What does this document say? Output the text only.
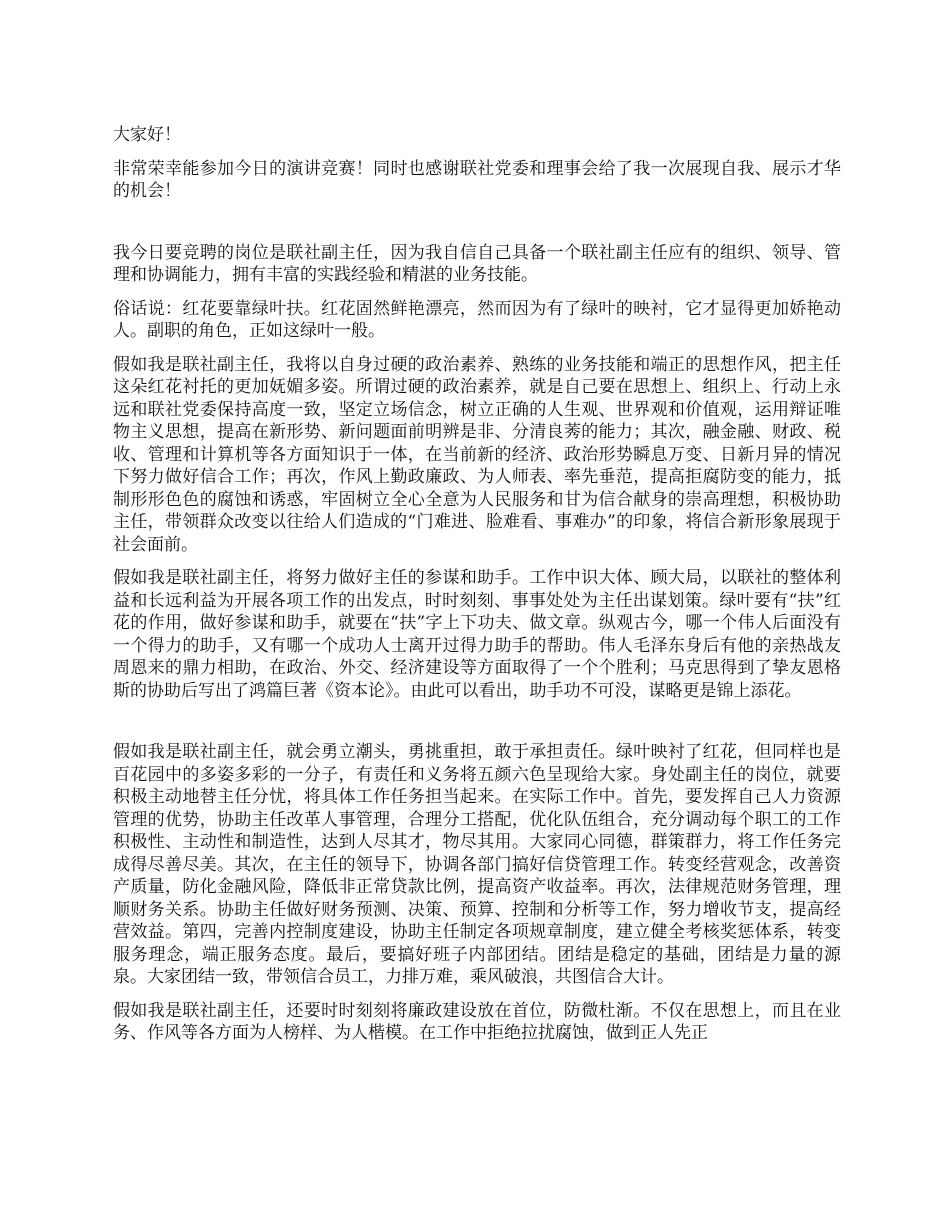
大家好！

非常荣幸能参加今日的演讲竞赛！同时也感谢联社党委和理事会给了我一次展现自我、展示才华的机会！

我今日要竞聘的岗位是联社副主任，因为我自信自己具备一个联社副主任应有的组织、领导、管理和协调能力，拥有丰富的实践经验和精湛的业务技能。

俗话说：红花要靠绿叶扶。红花固然鲜艳漂亮，然而因为有了绿叶的映衬，它才显得更加娇艳动人。副职的角色，正如这绿叶一般。

假如我是联社副主任，我将以自身过硬的政治素养、熟练的业务技能和端正的思想作风，把主任这朵红花衬托的更加妩媚多姿。所谓过硬的政治素养，就是自己要在思想上、组织上、行动上永远和联社党委保持高度一致，坚定立场信念，树立正确的人生观、世界观和价值观，运用辩证唯物主义思想，提高在新形势、新问题面前明辨是非、分清良莠的能力；其次，融金融、财政、税收、管理和计算机等各方面知识于一体，在当前新的经济、政治形势瞬息万变、日新月异的情况下努力做好信合工作；再次，作风上勤政廉政、为人师表、率先垂范，提高拒腐防变的能力，抵制形形色色的腐蚀和诱惑，牢固树立全心全意为人民服务和甘为信合献身的崇高理想，积极协助主任，带领群众改变以往给人们造成的“门难进、脸难看、事难办”的印象，将信合新形象展现于社会面前。

假如我是联社副主任，将努力做好主任的参谋和助手。工作中识大体、顾大局，以联社的整体利益和长远利益为开展各项工作的出发点，时时刻刻、事事处处为主任出谋划策。绿叶要有“扶”红花的作用，做好参谋和助手，就要在“扶”字上下功夫、做文章。纵观古今，哪一个伟人后面没有一个得力的助手，又有哪一个成功人士离开过得力助手的帮助。伟人毛泽东身后有他的亲热战友周恩来的鼎力相助，在政治、外交、经济建设等方面取得了一个个胜利；马克思得到了挚友恩格斯的协助后写出了鸿篇巨著《资本论》。由此可以看出，助手功不可没，谋略更是锦上添花。

假如我是联社副主任，就会勇立潮头，勇挑重担，敢于承担责任。绿叶映衬了红花，但同样也是百花园中的多姿多彩的一分子，有责任和义务将五颜六色呈现给大家。身处副主任的岗位，就要积极主动地替主任分忧，将具体工作任务担当起来。在实际工作中。首先，要发挥自己人力资源管理的优势，协助主任改革人事管理，合理分工搭配，优化队伍组合，充分调动每个职工的工作积极性、主动性和制造性，达到人尽其才，物尽其用。大家同心同德，群策群力，将工作任务完成得尽善尽美。其次，在主任的领导下，协调各部门搞好信贷管理工作。转变经营观念，改善资产质量，防化金融风险，降低非正常贷款比例，提高资产收益率。再次，法律规范财务管理，理顺财务关系。协助主任做好财务预测、决策、预算、控制和分析等工作，努力增收节支，提高经营效益。第四，完善内控制度建设，协助主任制定各项规章制度，建立健全考核奖惩体系，转变服务理念，端正服务态度。最后，要搞好班子内部团结。团结是稳定的基础，团结是力量的源泉。大家团结一致，带领信合员工，力排万难，乘风破浪，共图信合大计。

假如我是联社副主任，还要时时刻刻将廉政建设放在首位，防微杜渐。不仅在思想上，而且在业务、作风等各方面为人榜样、为人楷模。在工作中拒绝拉扰腐蚀，做到正人先正
